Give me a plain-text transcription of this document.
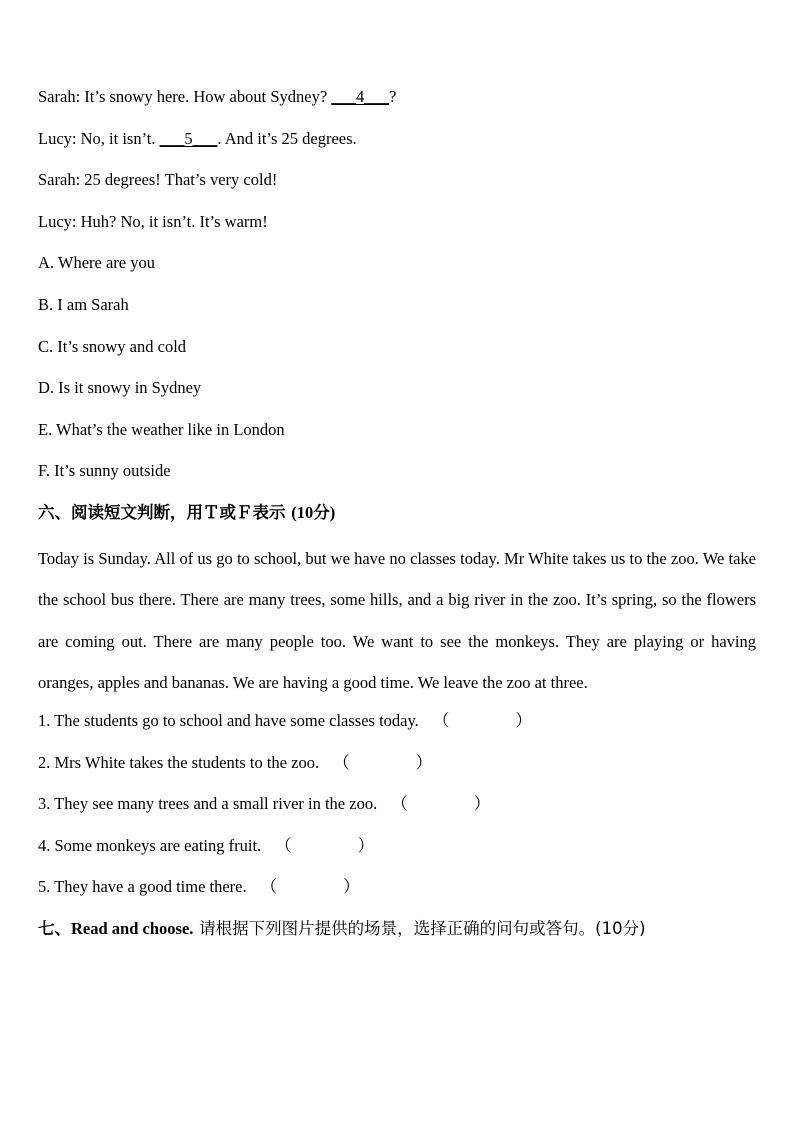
Sarah: It’s snowy here. How about Sydney? ___4___?
Lucy: No, it isn’t. ___5___. And it’s 25 degrees.
Sarah: 25 degrees! That’s very cold!
Lucy: Huh? No, it isn’t. It’s warm!
A. Where are you
B. I am Sarah
C. It’s snowy and cold
D. Is it snowy in Sydney
E. What’s the weather like in London
F. It’s sunny outside
六、阅读短文判断，用Ｔ或Ｆ表示 (10分)
Today is Sunday. All of us go to school, but we have no classes today. Mr White takes us to the zoo. We take the school bus there. There are many trees, some hills, and a big river in the zoo. It’s spring, so the flowers are coming out. There are many people too. We want to see the monkeys. They are playing or having oranges, apples and bananas. We are having a good time. We leave the zoo at three.
1. The students go to school and have some classes today. （　　　　）
2. Mrs White takes the students to the zoo. （　　　　）
3. They see many trees and a small river in the zoo. （　　　　）
4. Some monkeys are eating fruit. （　　　　）
5. They have a good time there. （　　　　）
七、Read and choose. 请根据下列图片提供的场景，选择正确的问句或答句。(10分)
